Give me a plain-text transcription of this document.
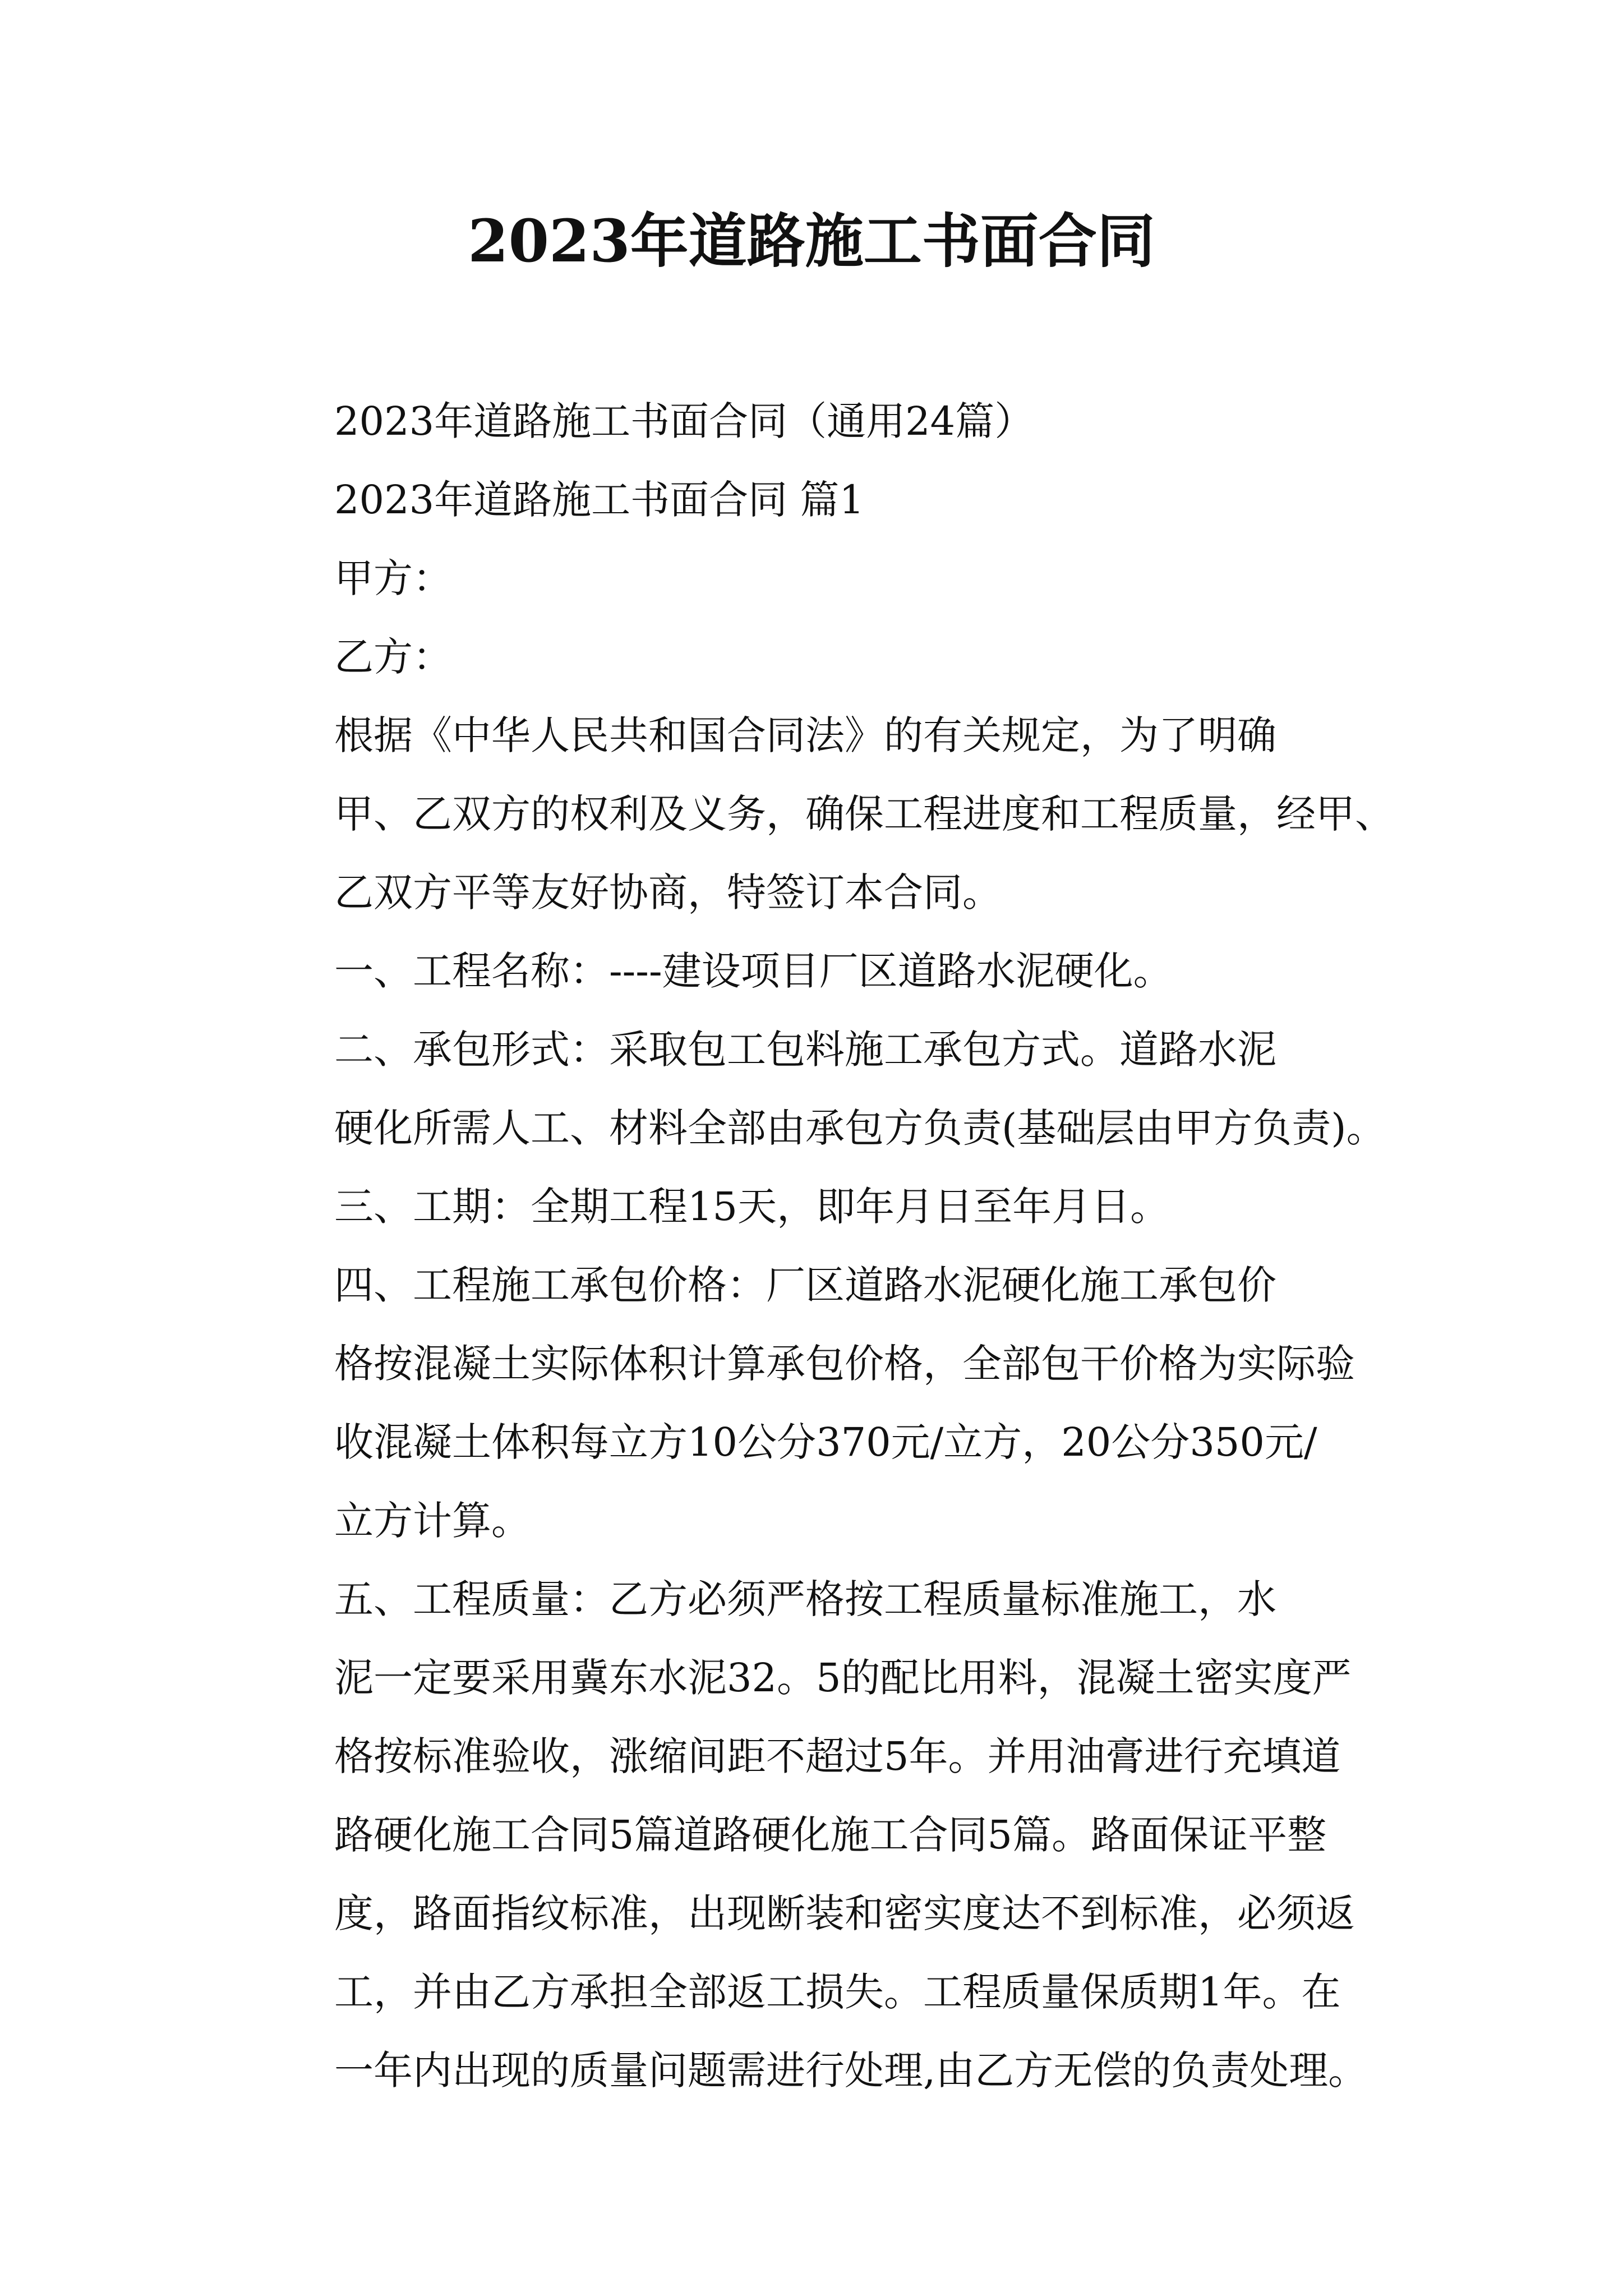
2023年道路施工书面合同

2023年道路施工书面合同（通用24篇）

2023年道路施工书面合同 篇1

甲方：

乙方：

根据《中华人民共和国合同法》的有关规定，为了明确
甲、乙双方的权利及义务，确保工程进度和工程质量，经甲、
乙双方平等友好协商，特签订本合同。

一、工程名称：----建设项目厂区道路水泥硬化。

二、承包形式：采取包工包料施工承包方式。道路水泥
硬化所需人工、材料全部由承包方负责(基础层由甲方负责)。

三、工期：全期工程15天，即年月日至年月日。

四、工程施工承包价格：厂区道路水泥硬化施工承包价
格按混凝土实际体积计算承包价格，全部包干价格为实际验
收混凝土体积每立方10公分370元/立方，20公分350元/
立方计算。

五、工程质量：乙方必须严格按工程质量标准施工，水
泥一定要采用冀东水泥32。5的配比用料，混凝土密实度严
格按标准验收，涨缩间距不超过5年。并用油膏进行充填道
路硬化施工合同5篇道路硬化施工合同5篇。路面保证平整
度，路面指纹标准，出现断装和密实度达不到标准，必须返
工，并由乙方承担全部返工损失。工程质量保质期1年。在
一年内出现的质量问题需进行处理,由乙方无偿的负责处理。
